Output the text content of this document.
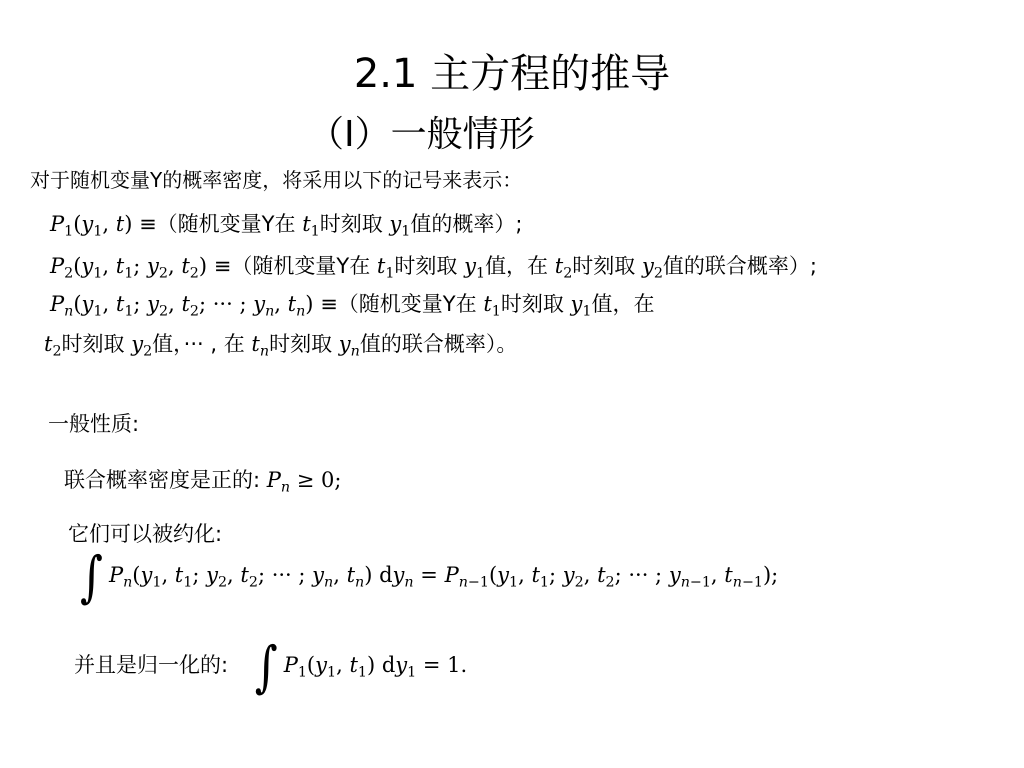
2.1 主方程的推导
（I）一般情形
对于随机变量Y的概率密度，将采用以下的记号来表示：
$P_1(y_1$, t) ≡（随机变量Y在 $t_1$时刻取 $y_1$值的概率）;
$P_2(y_1$, $t_1$; $y_2$, $t_2$) ≡（随机变量Y在 $t_1$时刻取 $y_1$值，在 $t_2$时刻取 $y_2$值的联合概率）;
$P_n(y_1$, $t_1$; $y_2$, $t_2$; ··· ; $y_n$, $t_n$) ≡（随机变量Y在 $t_1$时刻取 $y_1$值，在
$t_2$时刻取 $y_2$值，··· , 在 $t_n$时刻取 $y_n$值的联合概率）。
一般性质:
联合概率密度是正的: $P_n \ge 0$;
它们可以被约化:
∫ $P_n(y_1$, $t_1$; $y_2$, $t_2$; ··· ; $y_n$, $t_n$) $dy_n = P_{n-1}(y_1$, $t_1$; $y_2$, $t_2$; ··· ; $y_{n-1}$, $t_{n-1}$);
并且是归一化的: ∫ $P_1(y_1$, $t_1$) $dy_1 = 1$.
